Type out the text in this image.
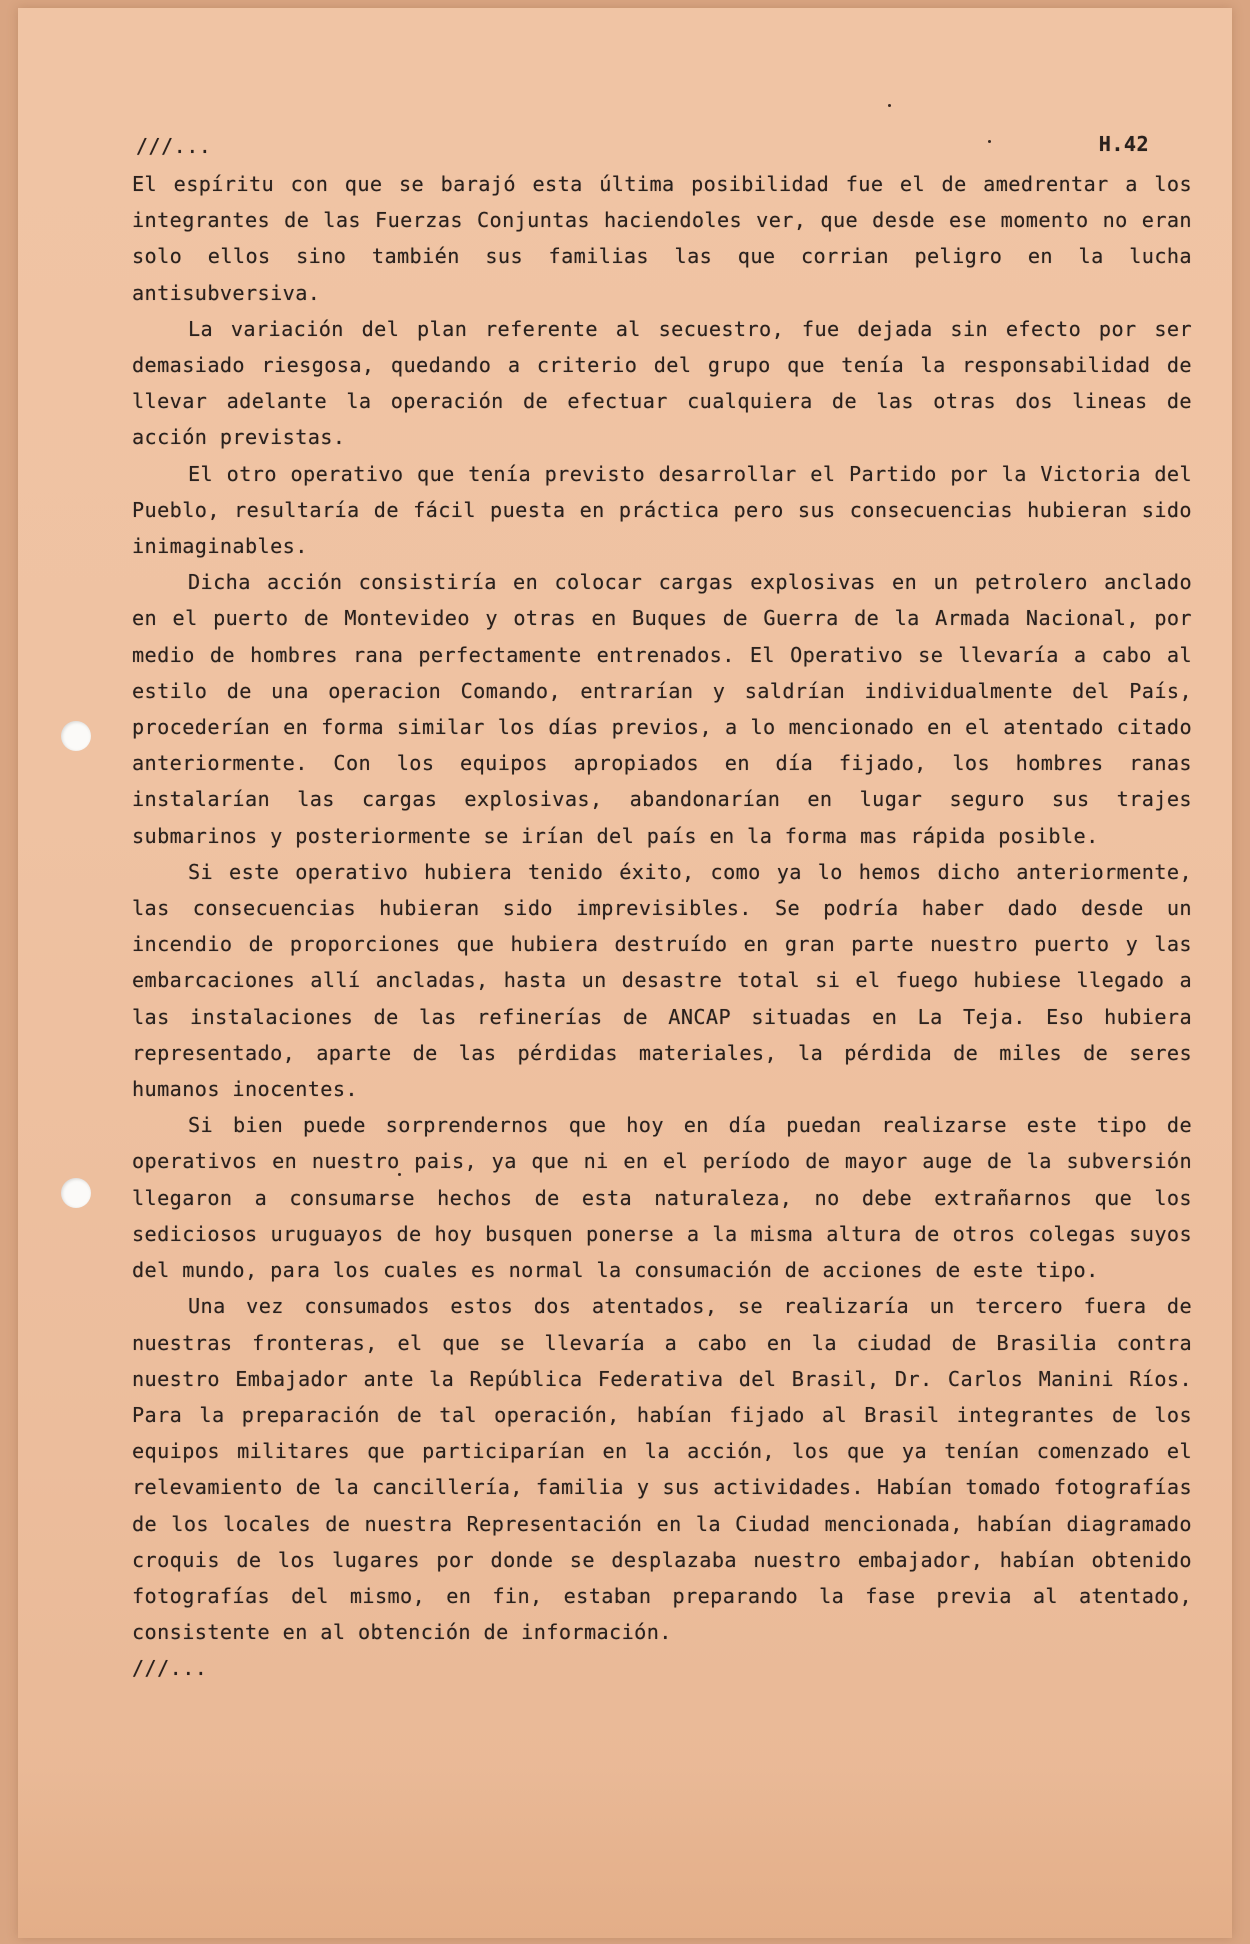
///...	H.42

El espíritu con que se barajó esta última posibilidad fue el de amedrentar a los integrantes de las Fuerzas Conjuntas haciendoles ver, que desde ese momento no eran solo ellos sino también sus familias las que corrian peligro en la lucha antisubversiva.

La variación del plan referente al secuestro, fue dejada sin efecto por ser demasiado riesgosa, quedando a criterio del grupo que tenía la responsabilidad de llevar adelante la operación de efectuar cualquiera de las otras dos lineas de acción previstas.

El otro operativo que tenía previsto desarrollar el Partido por la Victoria del Pueblo, resultaría de fácil puesta en práctica pero sus consecuencias hubieran sido inimaginables.

Dicha acción consistiría en colocar cargas explosivas en un petrolero anclado en el puerto de Montevideo y otras en Buques de Guerra de la Armada Nacional, por medio de hombres rana perfectamente entrenados. El Operativo se llevaría a cabo al estilo de una operacion Comando, entrarían y saldrían individualmente del País, procederían en forma similar los días previos, a lo mencionado en el atentado citado anteriormente. Con los equipos apropiados en día fijado, los hombres ranas instalarían las cargas explosivas, abandonarían en lugar seguro sus trajes submarinos y posteriormente se irían del país en la forma mas rápida posible.

Si este operativo hubiera tenido éxito, como ya lo hemos dicho anteriormente, las consecuencias hubieran sido imprevisibles. Se podría haber dado desde un incendio de proporciones que hubiera destruído en gran parte nuestro puerto y las embarcaciones allí ancladas, hasta un desastre total si el fuego hubiese llegado a las instalaciones de las refinerías de ANCAP situadas en La Teja. Eso hubiera representado, aparte de las pérdidas materiales, la pérdida de miles de seres humanos inocentes.

Si bien puede sorprendernos que hoy en día puedan realizarse este tipo de operativos en nuestro pais, ya que ni en el período de mayor auge de la subversión llegaron a consumarse hechos de esta naturaleza, no debe extrañarnos que los sediciosos uruguayos de hoy busquen ponerse a la misma altura de otros colegas suyos del mundo, para los cuales es normal la consumación de acciones de este tipo.

Una vez consumados estos dos atentados, se realizaría un tercero fuera de nuestras fronteras, el que se llevaría a cabo en la ciudad de Brasilia contra nuestro Embajador ante la República Federativa del Brasil, Dr. Carlos Manini Ríos. Para la preparación de tal operación, habían fijado al Brasil integrantes de los equipos militares que participarían en la acción, los que ya tenían comenzado el relevamiento de la cancillería, familia y sus actividades. Habían tomado fotografías de los locales de nuestra Representación en la Ciudad mencionada, habían diagramado croquis de los lugares por donde se desplazaba nuestro embajador, habían obtenido fotografías del mismo, en fin, estaban preparando la fase previa al atentado, consistente en al obtención de información.

///...
